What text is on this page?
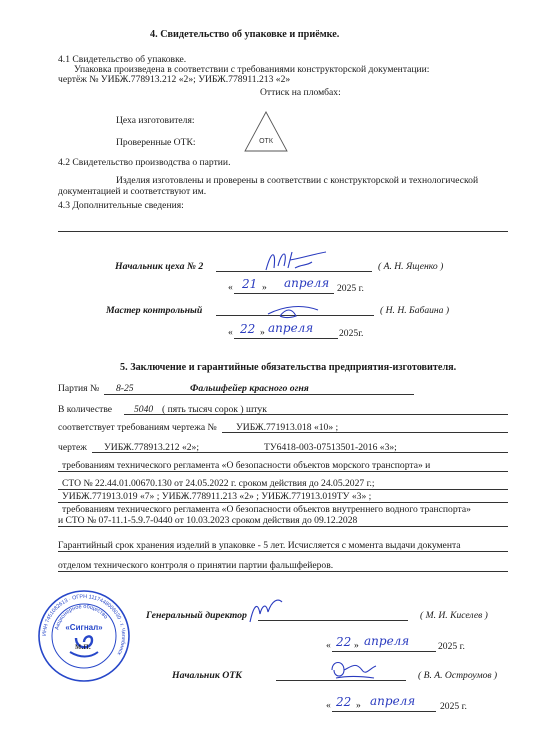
4. Свидетельство об упаковке и приёмке.
4.1 Свидетельство об упаковке.
Упаковка произведена в соответствии с требованиями конструкторской документации:
чертёж № УИБЖ.778913.212 «2»; УИБЖ.778911.213 «2»
Оттиск на пломбах:
Цеха изготовителя:
Проверенные ОТК:	ОТК
4.2 Свидетельство производства о партии.
Изделия изготовлены и проверены в соответствии с конструкторской и технологической
документацией и соответствуют им.
4.3 Дополнительные сведения:
Начальник цеха № 2	( А. Н. Ященко )
« 21 » апреля 2025 г.
Мастер контрольный	( Н. Н. Бабаина )
« 22 » апреля	2025г.
5. Заключение и гарантийные обязательства предприятия-изготовителя.
Партия № 8-25	Фальшфейер красного огня
В количестве 5040 ( пять тысяч сорок ) штук
соответствует требованиям чертежа № УИБЖ.771913.018 «10» ;
чертеж УИБЖ.778913.212 «2»;	ТУ6418-003-07513501-2016 «3»;
требованиям технического регламента «О безопасности объектов морского транспорта» и
СТО № 22.44.01.00670.130 от 24.05.2022 г. сроком действия до 24.05.2027 г.;
УИБЖ.771913.019 «7» ; УИБЖ.778911.213 «2» ; УИБЖ.771913.019ТУ «3» ;
требованиям технического регламента «О безопасности объектов внутреннего водного транспорта»
и СТО № 07-11.1-5.9.7-0440 от 10.03.2023 сроком действия до 09.12.2028
Гарантийный срок хранения изделий в упаковке - 5 лет. Исчисляется с момента выдачи документа
отделом технического контроля о принятии партии фальшфейеров.
ИНН 7451082613 · ОГРН 1117448006030 · г. Челябинск
Акционерное общество
«Сигнал»
м.п.
Генеральный директор	( М. И. Киселев )
« 22 » апреля	2025 г.
Начальник ОТК	( В. А. Остроумов )
« 22 » апреля	2025 г.
